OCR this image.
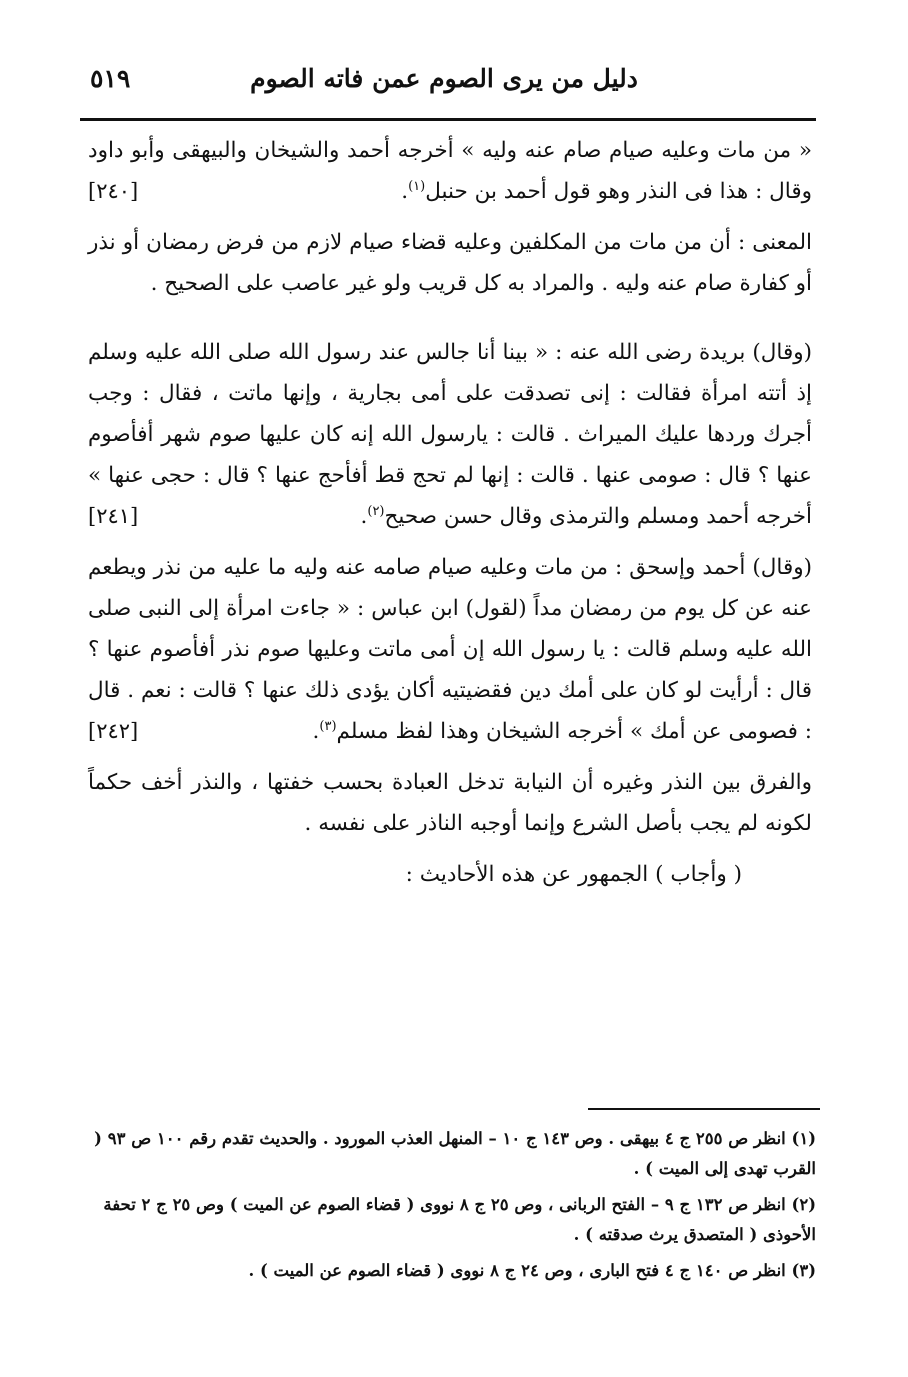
دليل من يرى الصوم عمن فاته الصوم
٥١٩

« من مات وعليه صيام صام عنه وليه » أخرجه أحمد والشيخان والبيهقى وأبو داود وقال : هذا فى النذر وهو قول أحمد بن حنبل$^{(١)}$.
[٢٤٠]

المعنى : أن من مات من المكلفين وعليه قضاء صيام لازم من فرض رمضان أو نذر أو كفارة صام عنه وليه . والمراد به كل قريب ولو غير عاصب على الصحيح .

(وقال) بريدة رضى الله عنه : « بينا أنا جالس عند رسول الله صلى الله عليه وسلم إذ أتته امرأة فقالت : إنى تصدقت على أمى بجارية ، وإنها ماتت ، فقال : وجب أجرك وردها عليك الميراث . قالت : يارسول الله إنه كان عليها صوم شهر أفأصوم عنها ؟ قال : صومى عنها . قالت : إنها لم تحج قط أفأحج عنها ؟ قال : حجى عنها » أخرجه أحمد ومسلم والترمذى وقال حسن صحيح$^{(٢)}$.
[٢٤١]

(وقال) أحمد وإسحق : من مات وعليه صيام صامه عنه وليه ما عليه من نذر ويطعم عنه عن كل يوم من رمضان مداً (لقول) ابن عباس : « جاءت امرأة إلى النبى صلى الله عليه وسلم قالت : يا رسول الله إن أمى ماتت وعليها صوم نذر أفأصوم عنها ؟ قال : أرأيت لو كان على أمك دين فقضيتيه أكان يؤدى ذلك عنها ؟ قالت : نعم . قال : فصومى عن أمك » أخرجه الشيخان وهذا لفظ مسلم$^{(٣)}$.
[٢٤٢]

والفرق بين النذر وغيره أن النيابة تدخل العبادة بحسب خفتها ، والنذر أخف حكماً لكونه لم يجب بأصل الشرع وإنما أوجبه الناذر على نفسه .

( وأجاب ) الجمهور عن هذه الأحاديث :

(١) انظر ص ٢٥٥ ج ٤ بيهقى . وص ١٤٣ ج ١٠ – المنهل العذب المورود . والحديث تقدم رقم ١٠٠ ص ٩٣ ( القرب تهدى إلى الميت ) .

(٢) انظر ص ١٣٢ ج ٩ – الفتح الربانى ، وص ٢٥ ج ٨ نووى ( قضاء الصوم عن الميت ) وص ٢٥ ج ٢ تحفة الأحوذى ( المتصدق يرث صدقته ) .

(٣) انظر ص ١٤٠ ج ٤ فتح البارى ، وص ٢٤ ج ٨ نووى ( قضاء الصوم عن الميت ) .
